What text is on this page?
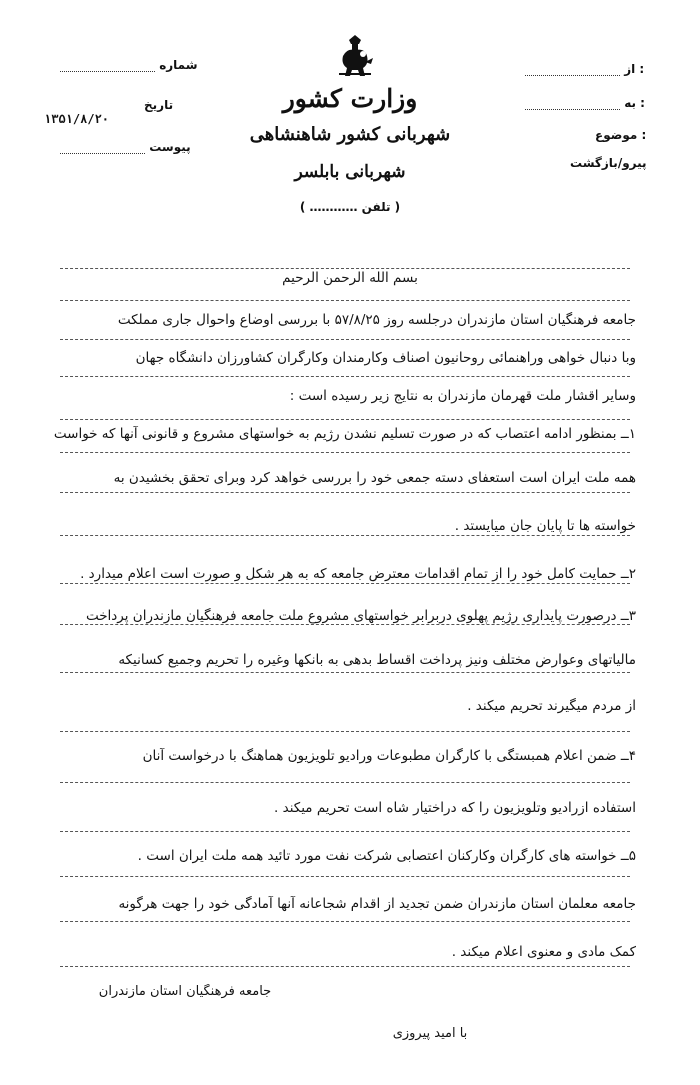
وزارت کشور
شهربانی کشور شاهنشاهی
شهربانی بابلسر
( تلفن ………… )
شماره
تاریخ
۱۳۵۱/۸/۲۰
پیوست
از :
به :
موضوع :
پیرو/بازگشت
بسم الله الرحمن الرحیم
جامعه فرهنگیان استان مازندران درجلسه روز ۵۷/۸/۲۵ با بررسی اوضاع واحوال جاری مملکت
وبا دنبال خواهی وراهنمائی روحانیون اصناف وکارمندان وکارگران کشاورزان دانشگاه جهان
وسایر اقشار ملت قهرمان مازندران به نتایج زیر رسیده است :
۱ــ بمنظور ادامه اعتصاب که در صورت تسلیم نشدن رژیم به خواستهای مشروع و قانونی آنها که خواست
همه ملت ایران است استعفای دسته جمعی خود را بررسی خواهد کرد وبرای تحقق بخشیدن به
خواسته ها تا پایان جان میایستد .
۲ــ حمایت کامل خود را از تمام اقدامات معترض جامعه که به هر شکل و صورت است اعلام میدارد .
۳ــ درصورت پایداری رژیم پهلوی دربرابر خواستهای مشروع ملت جامعه فرهنگیان مازندران پرداخت
مالیاتهای وعوارض مختلف ونیز پرداخت اقساط بدهی به بانکها وغیره را تحریم وجمیع کسانیکه
از مردم میگیرند تحریم میکند .
۴ــ ضمن اعلام همبستگی با کارگران مطبوعات ورادیو تلویزیون هماهنگ با درخواست آنان
استفاده ازرادیو وتلویزیون را که دراختیار شاه است تحریم میکند .
۵ــ خواسته های کارگران وکارکنان اعتصابی شرکت نفت مورد تائید همه ملت ایران است .
جامعه معلمان استان مازندران ضمن تجدید از اقدام شجاعانه آنها آمادگی خود را جهت هرگونه
کمک مادی و معنوی اعلام میکند .
جامعه فرهنگیان استان مازندران
با امید پیروزی
